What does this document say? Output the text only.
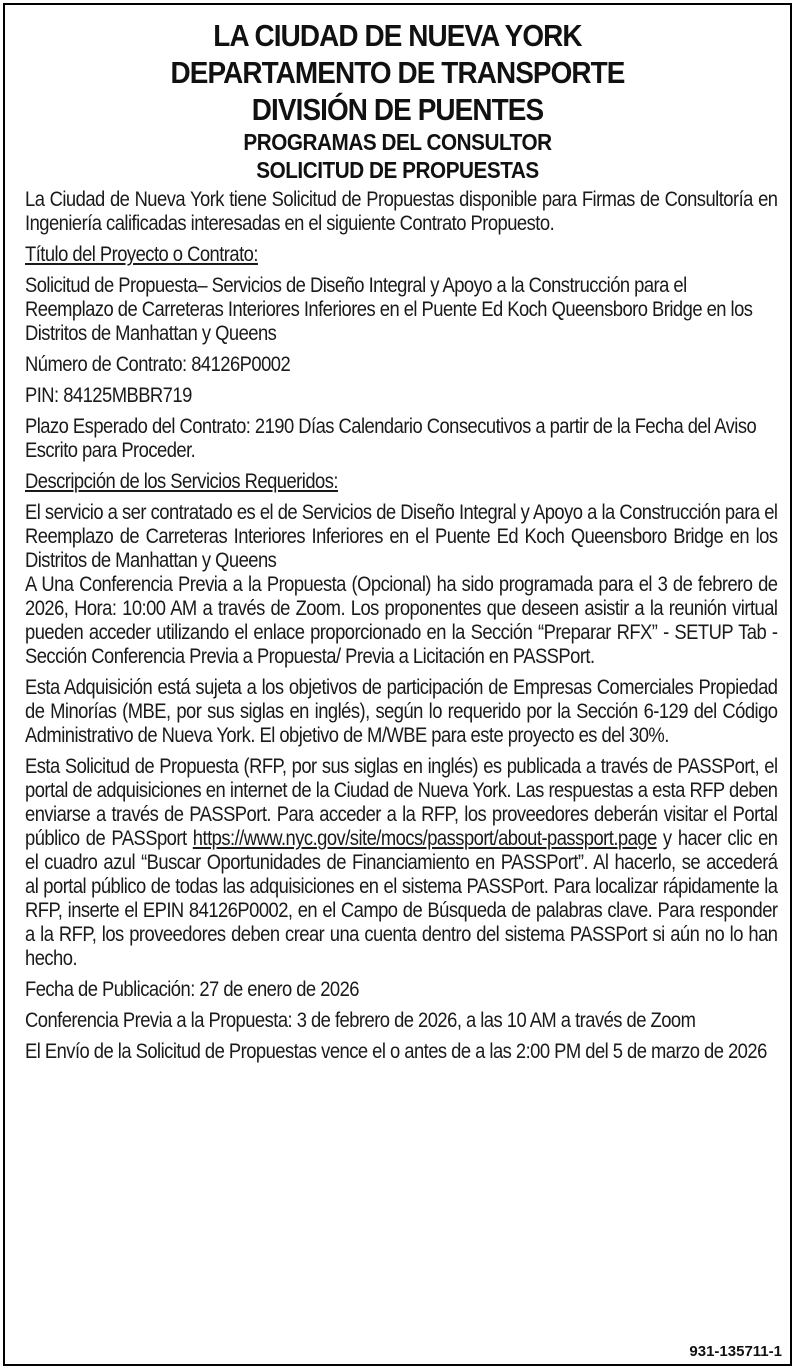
LA CIUDAD DE NUEVA YORK
DEPARTAMENTO DE TRANSPORTE
DIVISIÓN DE PUENTES
PROGRAMAS DEL CONSULTOR
SOLICITUD DE PROPUESTAS

La Ciudad de Nueva York tiene Solicitud de Propuestas disponible para Firmas de Consultoría en Ingeniería calificadas interesadas en el siguiente Contrato Propuesto.

Título del Proyecto o Contrato:

Solicitud de Propuesta– Servicios de Diseño Integral y Apoyo a la Construcción para el Reemplazo de Carreteras Interiores Inferiores en el Puente Ed Koch Queensboro Bridge en los Distritos de Manhattan y Queens

Número de Contrato: 84126P0002

PIN: 84125MBBR719

Plazo Esperado del Contrato: 2190 Días Calendario Consecutivos a partir de la Fecha del Aviso Escrito para Proceder.

Descripción de los Servicios Requeridos:

El servicio a ser contratado es el de Servicios de Diseño Integral y Apoyo a la Construcción para el Reemplazo de Carreteras Interiores Inferiores en el Puente Ed Koch Queensboro Bridge en los Distritos de Manhattan y Queens

A Una Conferencia Previa a la Propuesta (Opcional) ha sido programada para el 3 de febrero de 2026, Hora: 10:00 AM a través de Zoom. Los proponentes que deseen asistir a la reunión virtual pueden acceder utilizando el enlace proporcionado en la Sección “Preparar RFX” - SETUP Tab - Sección Conferencia Previa a Propuesta/ Previa a Licitación en PASSPort.

Esta Adquisición está sujeta a los objetivos de participación de Empresas Comerciales Propiedad de Minorías (MBE, por sus siglas en inglés), según lo requerido por la Sección 6-129 del Código Administrativo de Nueva York. El objetivo de M/WBE para este proyecto es del 30%.

Esta Solicitud de Propuesta (RFP, por sus siglas en inglés) es publicada a través de PASSPort, el portal de adquisiciones en internet de la Ciudad de Nueva York. Las respuestas a esta RFP deben enviarse a través de PASSPort. Para acceder a la RFP, los proveedores deberán visitar el Portal público de PASSport https://www.nyc.gov/site/mocs/passport/about-passport.page y hacer clic en el cuadro azul “Buscar Oportunidades de Financiamiento en PASSPort”. Al hacerlo, se accederá al portal público de todas las adquisiciones en el sistema PASSPort. Para localizar rápidamente la RFP, inserte el EPIN 84126P0002, en el Campo de Búsqueda de palabras clave. Para responder a la RFP, los proveedores deben crear una cuenta dentro del sistema PASSPort si aún no lo han hecho.

Fecha de Publicación: 27 de enero de 2026

Conferencia Previa a la Propuesta: 3 de febrero de 2026, a las 10 AM a través de Zoom

El Envío de la Solicitud de Propuestas vence el o antes de a las 2:00 PM del 5 de marzo de 2026

931-135711-1
